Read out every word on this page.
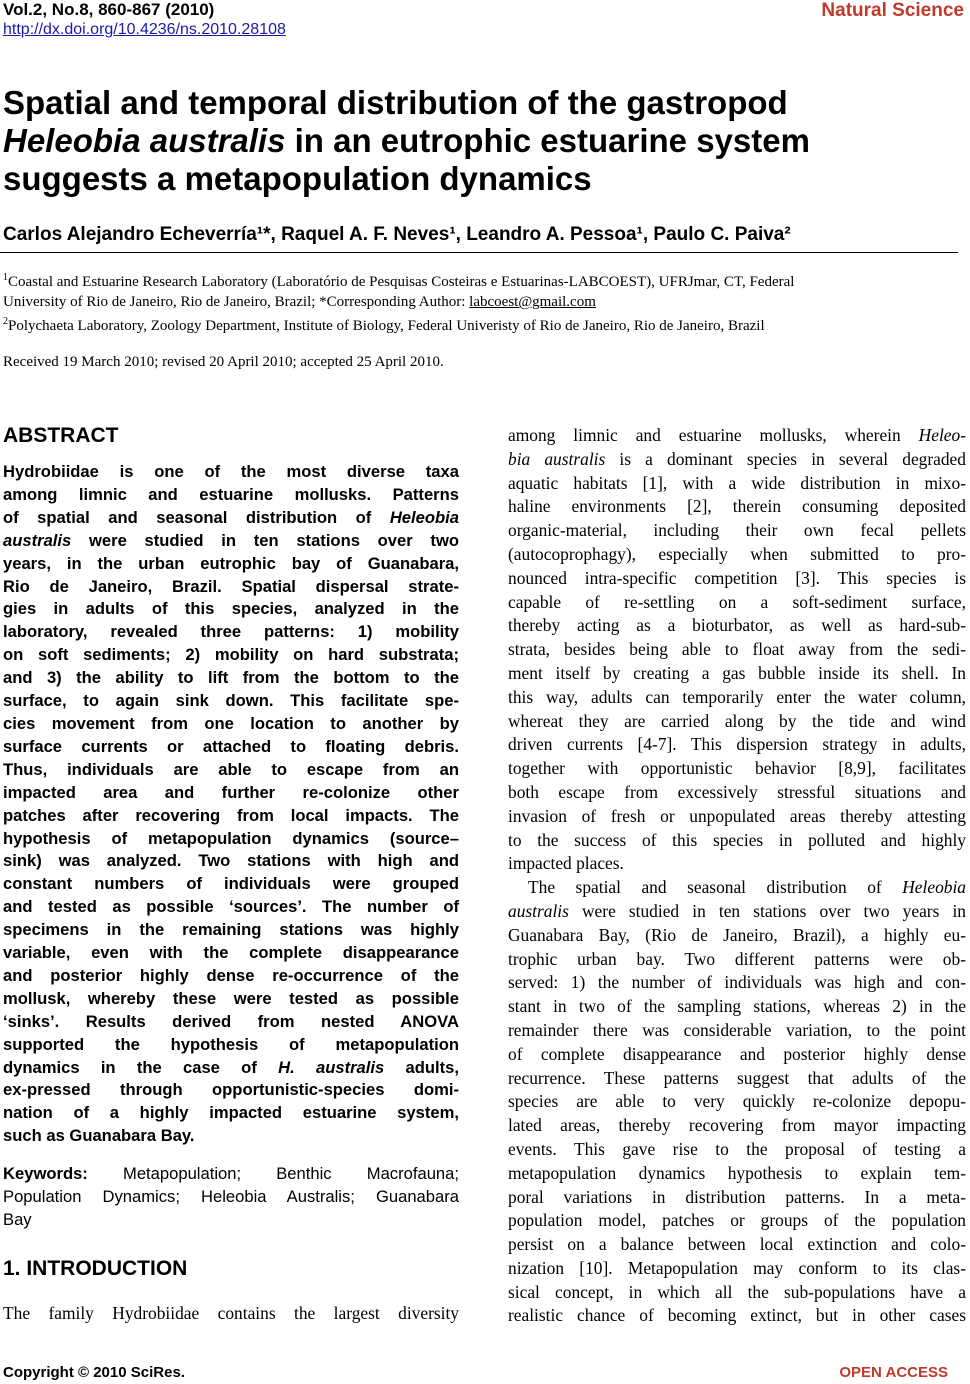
Vol.2, No.8, 860-867 (2010)
http://dx.doi.org/10.4236/ns.2010.28108
Natural Science
Spatial and temporal distribution of the gastropod
Heleobia australis in an eutrophic estuarine system
suggests a metapopulation dynamics
Carlos Alejandro Echeverría¹*, Raquel A. F. Neves¹, Leandro A. Pessoa¹, Paulo C. Paiva²
$^1$Coastal and Estuarine Research Laboratory (Laboratório de Pesquisas Costeiras e Estuarinas-LABCOEST), UFRJmar, CT, Federal
University of Rio de Janeiro, Rio de Janeiro, Brazil; *Corresponding Author: labcoest@gmail.com
$^2$Polychaeta Laboratory, Zoology Department, Institute of Biology, Federal Univeristy of Rio de Janeiro, Rio de Janeiro, Brazil
Received 19 March 2010; revised 20 April 2010; accepted 25 April 2010.
ABSTRACT
Hydrobiidae is one of the most diverse taxa
among limnic and estuarine mollusks. Patterns
of spatial and seasonal distribution of Heleobia
australis were studied in ten stations over two
years, in the urban eutrophic bay of Guanabara,
Rio de Janeiro, Brazil. Spatial dispersal strate-
gies in adults of this species, analyzed in the
laboratory, revealed three patterns: 1) mobility
on soft sediments; 2) mobility on hard substrata;
and 3) the ability to lift from the bottom to the
surface, to again sink down. This facilitate spe-
cies movement from one location to another by
surface currents or attached to floating debris.
Thus, individuals are able to escape from an
impacted area and further re-colonize other
patches after recovering from local impacts. The
hypothesis of metapopulation dynamics (source–
sink) was analyzed. Two stations with high and
constant numbers of individuals were grouped
and tested as possible ‘sources’. The number of
specimens in the remaining stations was highly
variable, even with the complete disappearance
and posterior highly dense re-occurrence of the
mollusk, whereby these were tested as possible
‘sinks’. Results derived from nested ANOVA
supported the hypothesis of metapopulation
dynamics in the case of H. australis adults,
ex-pressed through opportunistic-species domi-
nation of a highly impacted estuarine system,
such as Guanabara Bay.
Keywords: Metapopulation; Benthic Macrofauna;
Population Dynamics; Heleobia Australis; Guanabara
Bay
1. INTRODUCTION
The family Hydrobiidae contains the largest diversity
among limnic and estuarine mollusks, wherein Heleo-
bia australis is a dominant species in several degraded
aquatic habitats [1], with a wide distribution in mixo-
haline environments [2], therein consuming deposited
organic-material, including their own fecal pellets
(autocoprophagy), especially when submitted to pro-
nounced intra-specific competition [3]. This species is
capable of re-settling on a soft-sediment surface,
thereby acting as a bioturbator, as well as hard-sub-
strata, besides being able to float away from the sedi-
ment itself by creating a gas bubble inside its shell. In
this way, adults can temporarily enter the water column,
whereat they are carried along by the tide and wind
driven currents [4-7]. This dispersion strategy in adults,
together with opportunistic behavior [8,9], facilitates
both escape from excessively stressful situations and
invasion of fresh or unpopulated areas thereby attesting
to the success of this species in polluted and highly
impacted places.
The spatial and seasonal distribution of Heleobia
australis were studied in ten stations over two years in
Guanabara Bay, (Rio de Janeiro, Brazil), a highly eu-
trophic urban bay. Two different patterns were ob-
served: 1) the number of individuals was high and con-
stant in two of the sampling stations, whereas 2) in the
remainder there was considerable variation, to the point
of complete disappearance and posterior highly dense
recurrence. These patterns suggest that adults of the
species are able to very quickly re-colonize depopu-
lated areas, thereby recovering from mayor impacting
events. This gave rise to the proposal of testing a
metapopulation dynamics hypothesis to explain tem-
poral variations in distribution patterns. In a meta-
population model, patches or groups of the population
persist on a balance between local extinction and colo-
nization [10]. Metapopulation may conform to its clas-
sical concept, in which all the sub-populations have a
realistic chance of becoming extinct, but in other cases
Copyright © 2010 SciRes.	OPEN ACCESS
